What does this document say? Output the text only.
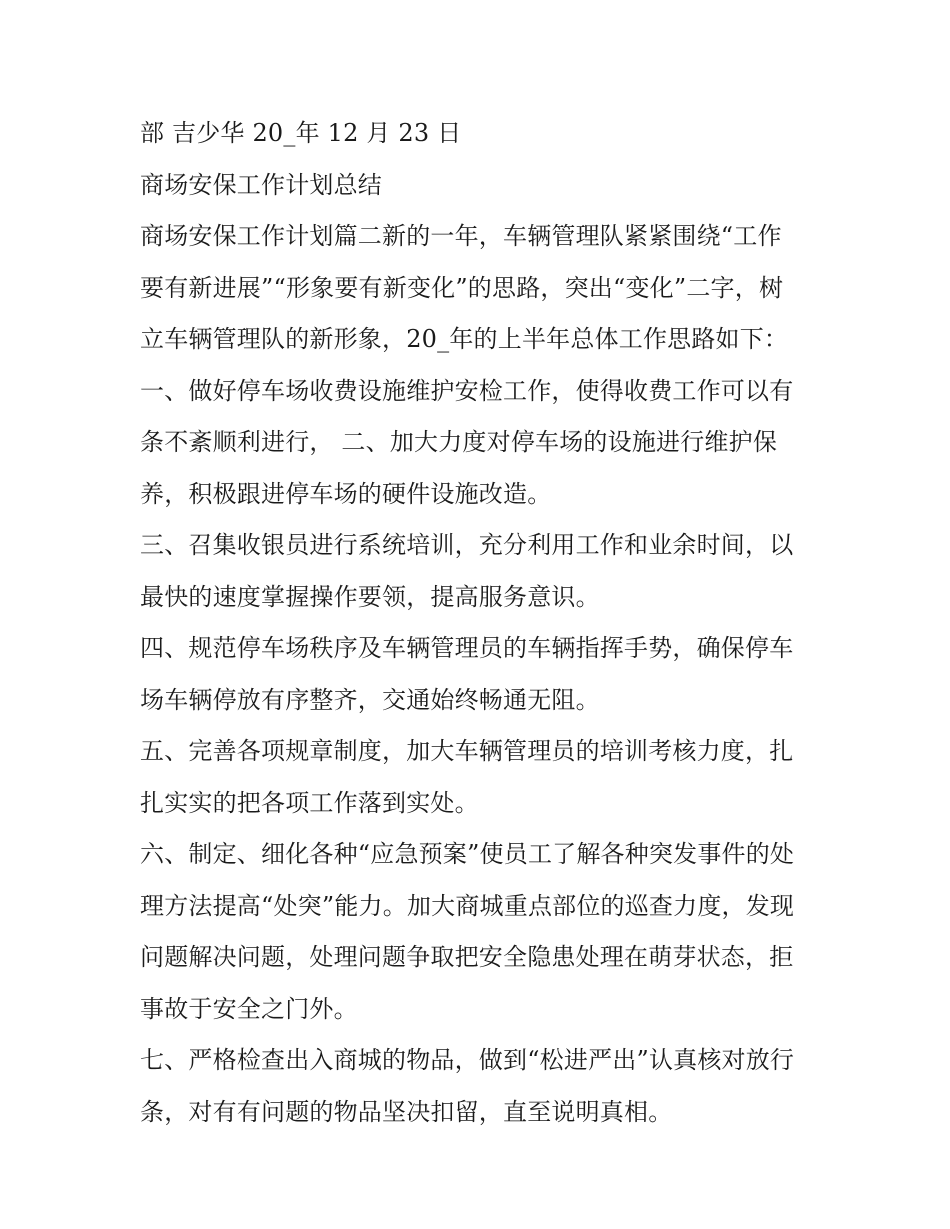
部 吉少华 20_年 12 月 23 日

商场安保工作计划总结

商场安保工作计划篇二新的一年，车辆管理队紧紧围绕“工作

要有新进展”“形象要有新变化”的思路，突出“变化”二字，树

立车辆管理队的新形象，20_年的上半年总体工作思路如下：

一、做好停车场收费设施维护安检工作，使得收费工作可以有

条不紊顺利进行， 二、加大力度对停车场的设施进行维护保

养，积极跟进停车场的硬件设施改造。

三、召集收银员进行系统培训，充分利用工作和业余时间，以

最快的速度掌握操作要领，提高服务意识。

四、规范停车场秩序及车辆管理员的车辆指挥手势，确保停车

场车辆停放有序整齐，交通始终畅通无阻。

五、完善各项规章制度，加大车辆管理员的培训考核力度，扎

扎实实的把各项工作落到实处。

六、制定、细化各种“应急预案”使员工了解各种突发事件的处

理方法提高“处突”能力。加大商城重点部位的巡查力度，发现

问题解决问题，处理问题争取把安全隐患处理在萌芽状态，拒

事故于安全之门外。

七、严格检查出入商城的物品，做到“松进严出”认真核对放行

条，对有有问题的物品坚决扣留，直至说明真相。
